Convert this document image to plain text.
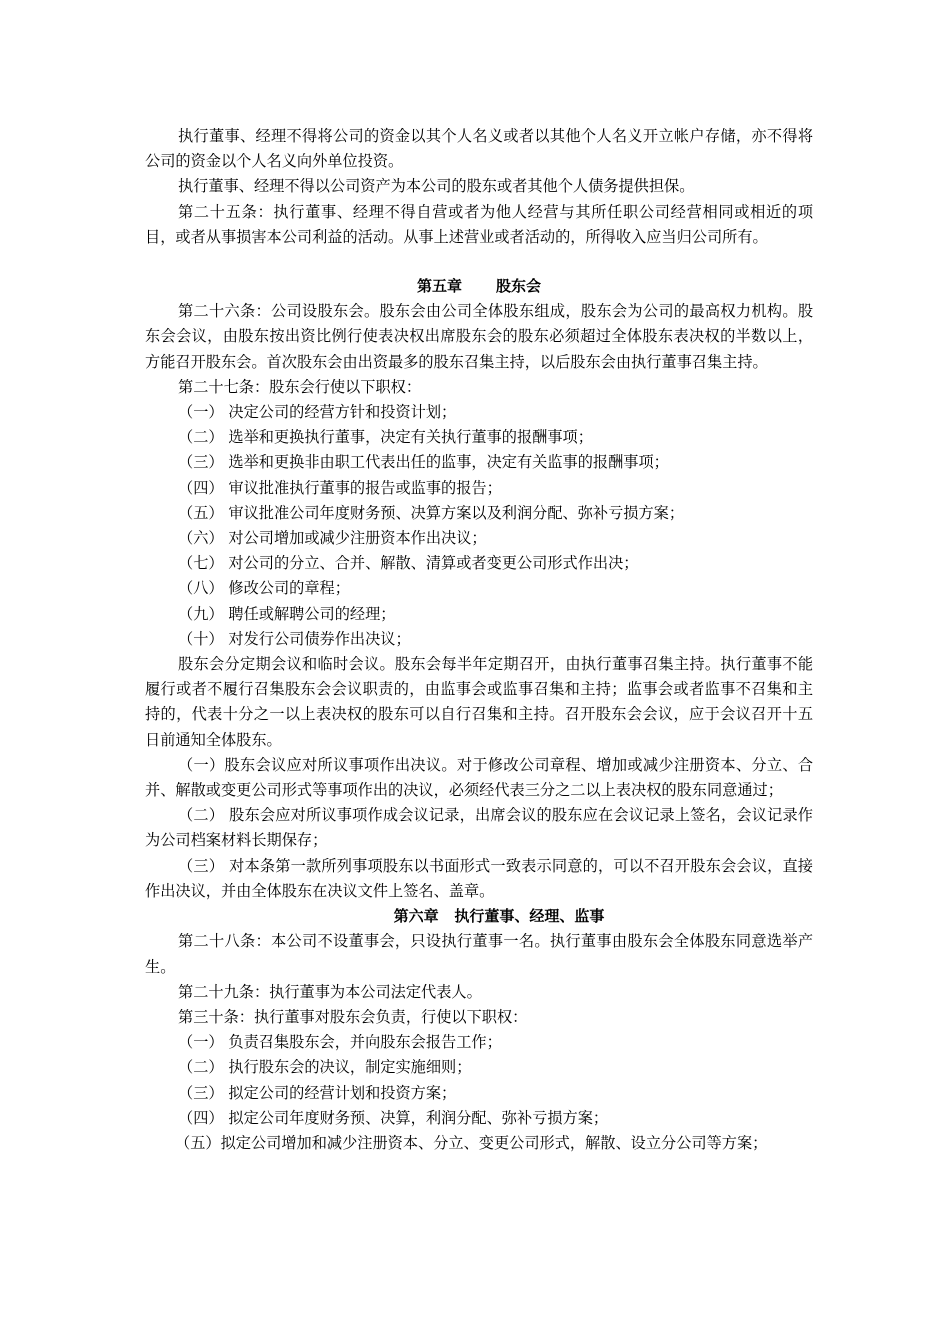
执行董事、经理不得将公司的资金以其个人名义或者以其他个人名义开立帐户存储，亦不得将公司的资金以个人名义向外单位投资。

执行董事、经理不得以公司资产为本公司的股东或者其他个人债务提供担保。

第二十五条：执行董事、经理不得自营或者为他人经营与其所任职公司经营相同或相近的项目，或者从事损害本公司利益的活动。从事上述营业或者活动的，所得收入应当归公司所有。

第五章 股东会

第二十六条：公司设股东会。股东会由公司全体股东组成，股东会为公司的最高权力机构。股东会会议，由股东按出资比例行使表决权出席股东会的股东必须超过全体股东表决权的半数以上，方能召开股东会。首次股东会由出资最多的股东召集主持，以后股东会由执行董事召集主持。

第二十七条：股东会行使以下职权：

（一） 决定公司的经营方针和投资计划；

（二） 选举和更换执行董事，决定有关执行董事的报酬事项；

（三） 选举和更换非由职工代表出任的监事，决定有关监事的报酬事项；

（四） 审议批准执行董事的报告或监事的报告；

（五） 审议批准公司年度财务预、决算方案以及利润分配、弥补亏损方案；

（六） 对公司增加或减少注册资本作出决议；

（七） 对公司的分立、合并、解散、清算或者变更公司形式作出决；

（八） 修改公司的章程；

（九） 聘任或解聘公司的经理；

（十） 对发行公司债券作出决议；

股东会分定期会议和临时会议。股东会每半年定期召开，由执行董事召集主持。执行董事不能履行或者不履行召集股东会会议职责的，由监事会或监事召集和主持；监事会或者监事不召集和主持的，代表十分之一以上表决权的股东可以自行召集和主持。召开股东会会议，应于会议召开十五日前通知全体股东。

（一）股东会议应对所议事项作出决议。对于修改公司章程、增加或减少注册资本、分立、合并、解散或变更公司形式等事项作出的决议，必须经代表三分之二以上表决权的股东同意通过；

（二） 股东会应对所议事项作成会议记录，出席会议的股东应在会议记录上签名，会议记录作为公司档案材料长期保存；

（三） 对本条第一款所列事项股东以书面形式一致表示同意的，可以不召开股东会会议，直接作出决议，并由全体股东在决议文件上签名、盖章。

第六章 执行董事、经理、监事

第二十八条：本公司不设董事会，只设执行董事一名。执行董事由股东会全体股东同意选举产生。

第二十九条：执行董事为本公司法定代表人。

第三十条：执行董事对股东会负责，行使以下职权：

（一） 负责召集股东会，并向股东会报告工作；

（二） 执行股东会的决议，制定实施细则；

（三） 拟定公司的经营计划和投资方案；

（四） 拟定公司年度财务预、决算，利润分配、弥补亏损方案；

（五）拟定公司增加和减少注册资本、分立、变更公司形式，解散、设立分公司等方案；
